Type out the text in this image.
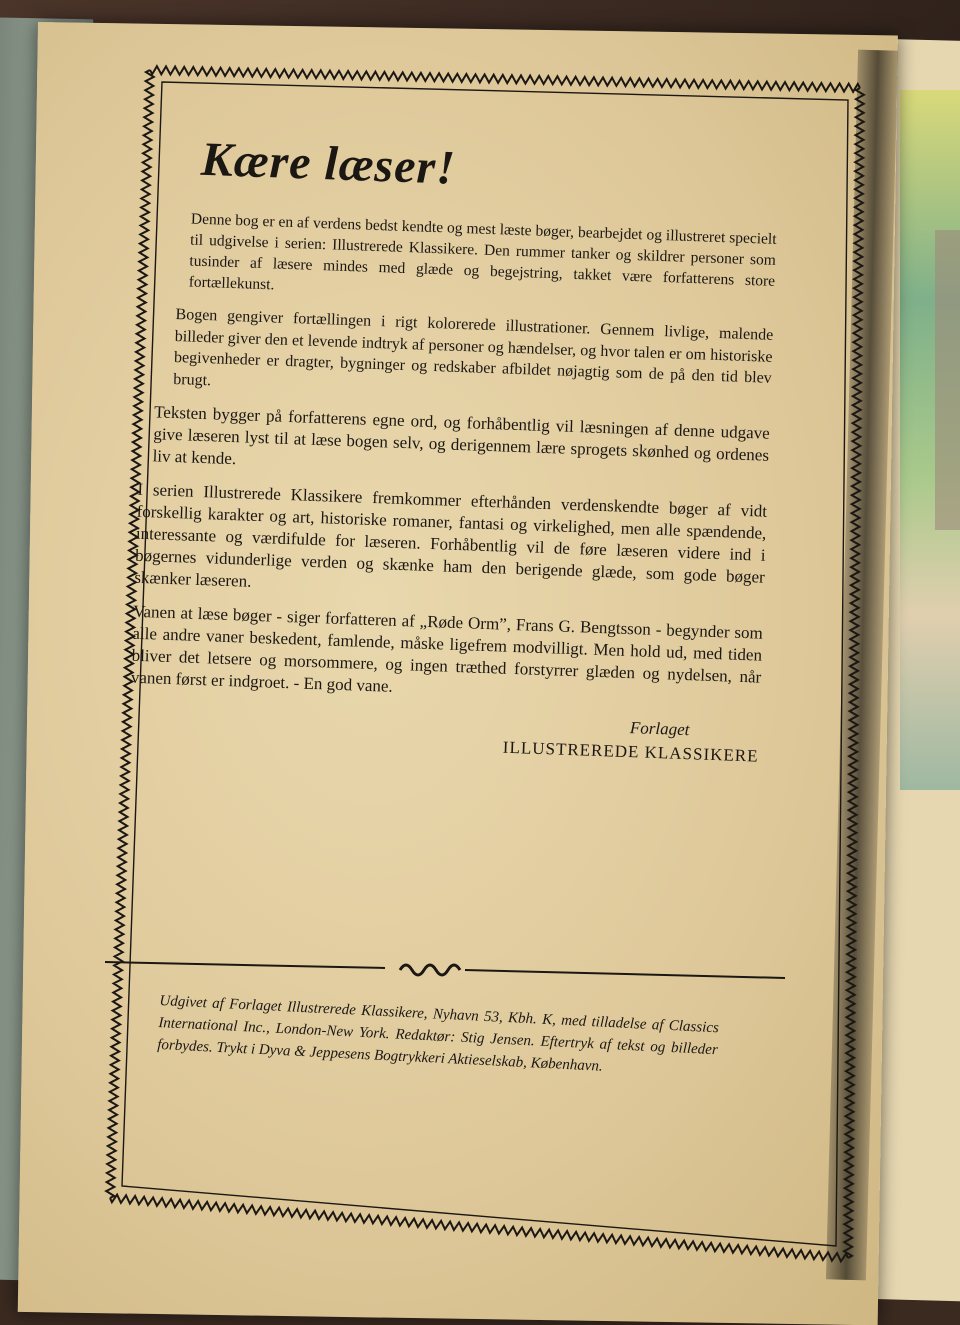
Kære læser!

Denne bog er en af verdens bedst kendte og mest læste bøger, bearbejdet og illustreret specielt til udgivelse i serien: Illustrerede Klassikere. Den rummer tanker og skildrer personer som tusinder af læsere mindes med glæde og begejstring, takket være forfatterens store fortællekunst.

Bogen gengiver fortællingen i rigt kolorerede illustrationer. Gennem livlige, malende billeder giver den et levende indtryk af personer og hændelser, og hvor talen er om historiske begivenheder er dragter, bygninger og redskaber afbildet nøjagtig som de på den tid blev brugt.

Teksten bygger på forfatterens egne ord, og forhåbentlig vil læsningen af denne udgave give læseren lyst til at læse bogen selv, og derigennem lære sprogets skønhed og ordenes liv at kende.

I serien Illustrerede Klassikere fremkommer efterhånden verdenskendte bøger af vidt forskellig karakter og art, historiske romaner, fantasi og virkelighed, men alle spændende, interessante og værdifulde for læseren. Forhåbentlig vil de føre læseren videre ind i bøgernes vidunderlige verden og skænke ham den berigende glæde, som gode bøger skænker læseren.

Vanen at læse bøger - siger forfatteren af „Røde Orm”, Frans G. Bengtsson - begynder som alle andre vaner beskedent, famlende, måske ligefrem modvilligt. Men hold ud, med tiden bliver det letsere og morsommere, og ingen træthed forstyrrer glæden og nydelsen, når vanen først er indgroet. - En god vane.

Forlaget
ILLUSTREREDE KLASSIKERE
Udgivet af Forlaget Illustrerede Klassikere, Nyhavn 53, Kbh. K, med tilladelse af Classics International Inc., London-New York. Redaktør: Stig Jensen. Eftertryk af tekst og billeder forbydes. Trykt i Dyva & Jeppesens Bogtrykkeri Aktieselskab, København.
